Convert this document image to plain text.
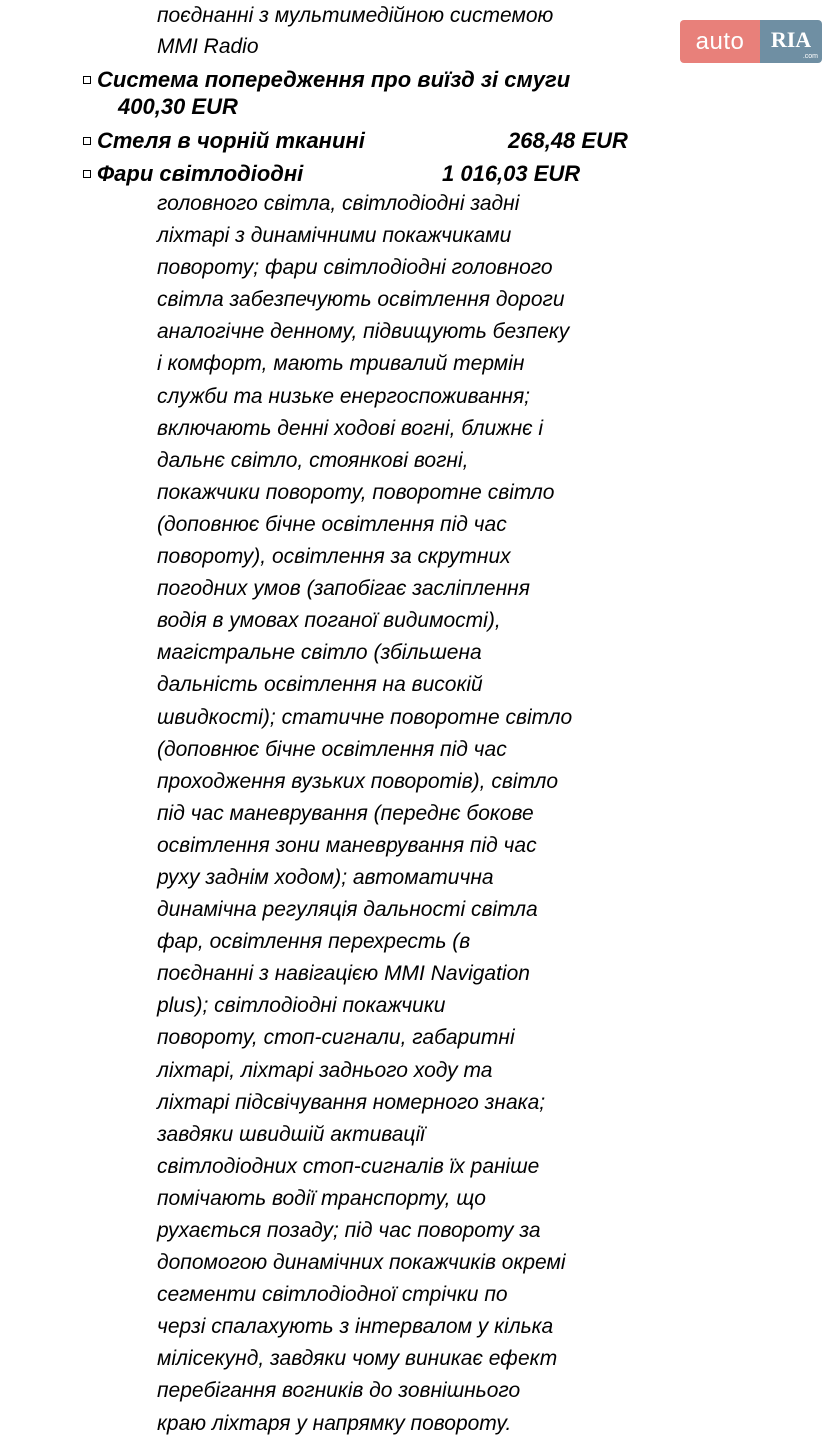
поєднанні з мультимедійною системою
MMI Radio
Система попередження про виїзд зі смуги
400,30 EUR
Стеля в чорній тканині	268,48 EUR
Фари світлодіодні	1 016,03 EUR
головного світла, світлодіодні задні
ліхтарі з динамічними покажчиками
повороту; фари світлодіодні головного
світла забезпечують освітлення дороги
аналогічне денному, підвищують безпеку
і комфорт, мають тривалий термін
служби та низьке енергоспоживання;
включають денні ходові вогні, ближнє і
дальнє світло, стоянкові вогні,
покажчики повороту, поворотне світло
(доповнює бічне освітлення під час
повороту), освітлення за скрутних
погодних умов (запобігає засліплення
водія в умовах поганої видимості),
магістральне світло (збільшена
дальність освітлення на високій
швидкості); статичне поворотне світло
(доповнює бічне освітлення під час
проходження вузьких поворотів), світло
під час маневрування (переднє бокове
освітлення зони маневрування під час
руху заднім ходом); автоматична
динамічна регуляція дальності світла
фар, освітлення перехресть (в
поєднанні з навігацією MMI Navigation
plus); світлодіодні покажчики
повороту, стоп-сигнали, габаритні
ліхтарі, ліхтарі заднього ходу та
ліхтарі підсвічування номерного знака;
завдяки швидшій активації
світлодіодних стоп-сигналів їх раніше
помічають водії транспорту, що
рухається позаду; під час повороту за
допомогою динамічних покажчиків окремі
сегменти світлодіодної стрічки по
черзі спалахують з інтервалом у кілька
мілісекунд, завдяки чому виникає ефект
перебігання вогників до зовнішнього
краю ліхтаря у напрямку повороту.
auto	RIA
.com
